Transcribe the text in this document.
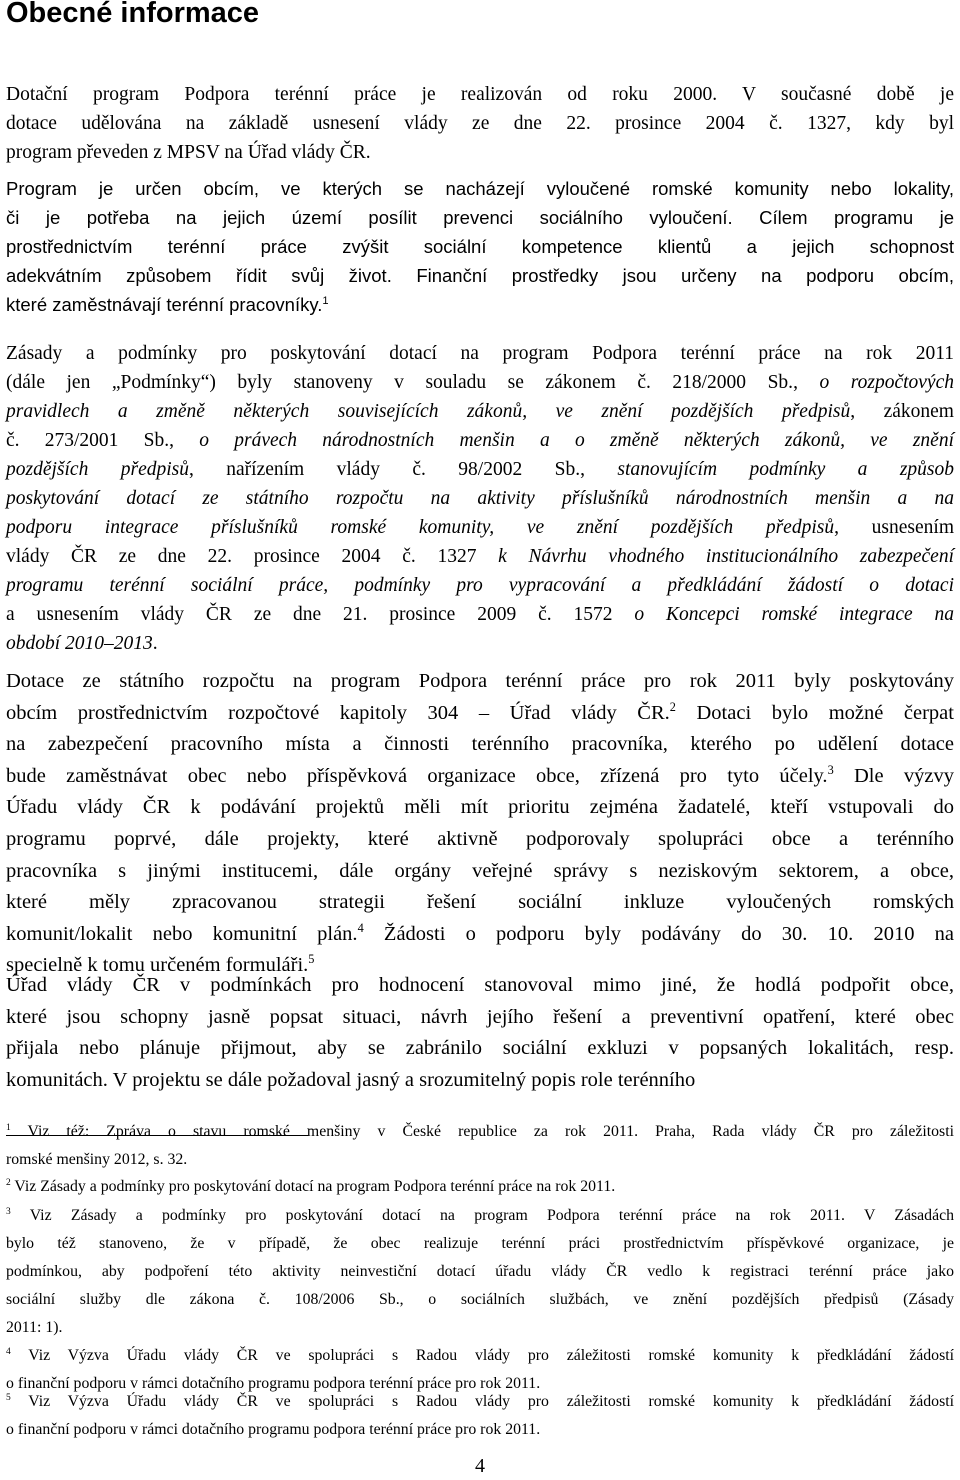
Obecné informace
Dotační program Podpora terénní práce je realizován od roku 2000. V současné době je
dotace udělována na základě usnesení vlády ze dne 22. prosince 2004 č. 1327, kdy byl
program převeden z MPSV na Úřad vlády ČR.
Program je určen obcím, ve kterých se nacházejí vyloučené romské komunity nebo lokality,
či je potřeba na jejich území posílit prevenci sociálního vyloučení. Cílem programu je
prostřednictvím terénní práce zvýšit sociální kompetence klientů a jejich schopnost
adekvátním způsobem řídit svůj život. Finanční prostředky jsou určeny na podporu obcím,
které zaměstnávají terénní pracovníky.$^1$
Zásady a podmínky pro poskytování dotací na program Podpora terénní práce na rok 2011
(dále jen „Podmínky“) byly stanoveny v souladu se zákonem č. 218/2000 Sb., o rozpočtových
pravidlech a změně některých souvisejících zákonů, ve znění pozdějších předpisů, zákonem
č. 273/2001 Sb., o právech národnostních menšin a o změně některých zákonů, ve znění
pozdějších předpisů, nařízením vlády č. 98/2002 Sb., stanovujícím podmínky a způsob
poskytování dotací ze státního rozpočtu na aktivity příslušníků národnostních menšin a na
podporu integrace příslušníků romské komunity, ve znění pozdějších předpisů, usnesením
vlády ČR ze dne 22. prosince 2004 č. 1327 k Návrhu vhodného institucionálního zabezpečení
programu terénní sociální práce, podmínky pro vypracování a předkládání žádostí o dotaci
a usnesením vlády ČR ze dne 21. prosince 2009 č. 1572 o Koncepci romské integrace na
období 2010–2013.
Dotace ze státního rozpočtu na program Podpora terénní práce pro rok 2011 byly poskytovány
obcím prostřednictvím rozpočtové kapitoly 304 – Úřad vlády ČR.$^2$ Dotaci bylo možné čerpat
na zabezpečení pracovního místa a činnosti terénního pracovníka, kterého po udělení dotace
bude zaměstnávat obec nebo příspěvková organizace obce, zřízená pro tyto účely.$^3$ Dle výzvy
Úřadu vlády ČR k podávání projektů měli mít prioritu zejména žadatelé, kteří vstupovali do
programu poprvé, dále projekty, které aktivně podporovaly spolupráci obce a terénního
pracovníka s jinými institucemi, dále orgány veřejné správy s neziskovým sektorem, a obce,
které měly zpracovanou strategii řešení sociální inkluze vyloučených romských
komunit/lokalit nebo komunitní plán.$^4$ Žádosti o podporu byly podávány do 30. 10. 2010 na
specielně k tomu určeném formuláři.$^5$
Úřad vlády ČR v podmínkách pro hodnocení stanovoval mimo jiné, že hodlá podpořit obce,
které jsou schopny jasně popsat situaci, návrh jejího řešení a preventivní opatření, které obec
přijala nebo plánuje přijmout, aby se zabránilo sociální exkluzi v popsaných lokalitách, resp.
komunitách. V projektu se dále požadoval jasný a srozumitelný popis role terénního
$^1$ Viz též: Zpráva o stavu romské menšiny v České republice za rok 2011. Praha, Rada vlády ČR pro záležitosti
romské menšiny 2012, s. 32.
$^2$ Viz Zásady a podmínky pro poskytování dotací na program Podpora terénní práce na rok 2011.
$^3$ Viz Zásady a podmínky pro poskytování dotací na program Podpora terénní práce na rok 2011. V Zásadách
bylo též stanoveno, že v případě, že obec realizuje terénní práci prostřednictvím příspěvkové organizace, je
podmínkou, aby podpoření této aktivity neinvestiční dotací úřadu vlády ČR vedlo k registraci terénní práce jako
sociální služby dle zákona č. 108/2006 Sb., o sociálních službách, ve znění pozdějších předpisů (Zásady
2011: 1).
$^4$ Viz Výzva Úřadu vlády ČR ve spolupráci s Radou vlády pro záležitosti romské komunity k předkládání žádostí
o finanční podporu v rámci dotačního programu podpora terénní práce pro rok 2011.
$^5$ Viz Výzva Úřadu vlády ČR ve spolupráci s Radou vlády pro záležitosti romské komunity k předkládání žádostí
o finanční podporu v rámci dotačního programu podpora terénní práce pro rok 2011.
4
